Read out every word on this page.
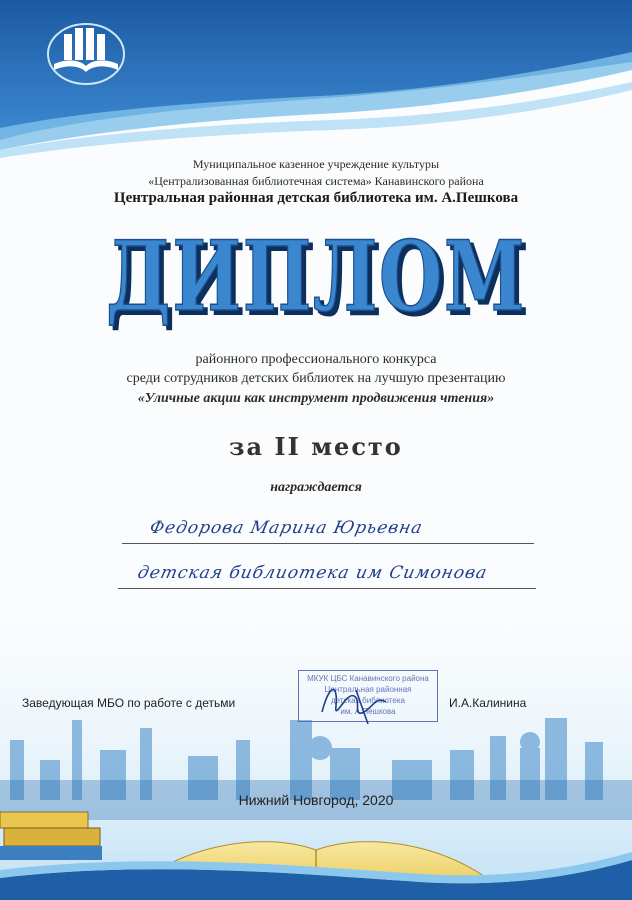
Муниципальное казенное учреждение культуры
«Централизованная библиотечная система» Канавинского района
Центральная районная детская библиотека им. А.Пешкова
ДИПЛОМ
ДИПЛОМ
районного профессионального конкурса
среди сотрудников детских библиотек на лучшую презентацию
«Уличные акции как инструмент продвижения чтения»
за II место
награждается
Федорова Марина Юрьевна
детская библиотека им Симонова
Заведующая МБО по работе с детьми
МКУК ЦБС Канавинского района
Центральная районная
детская библиотека
им. А.Пешкова
И.А.Калинина
Нижний Новгород, 2020
